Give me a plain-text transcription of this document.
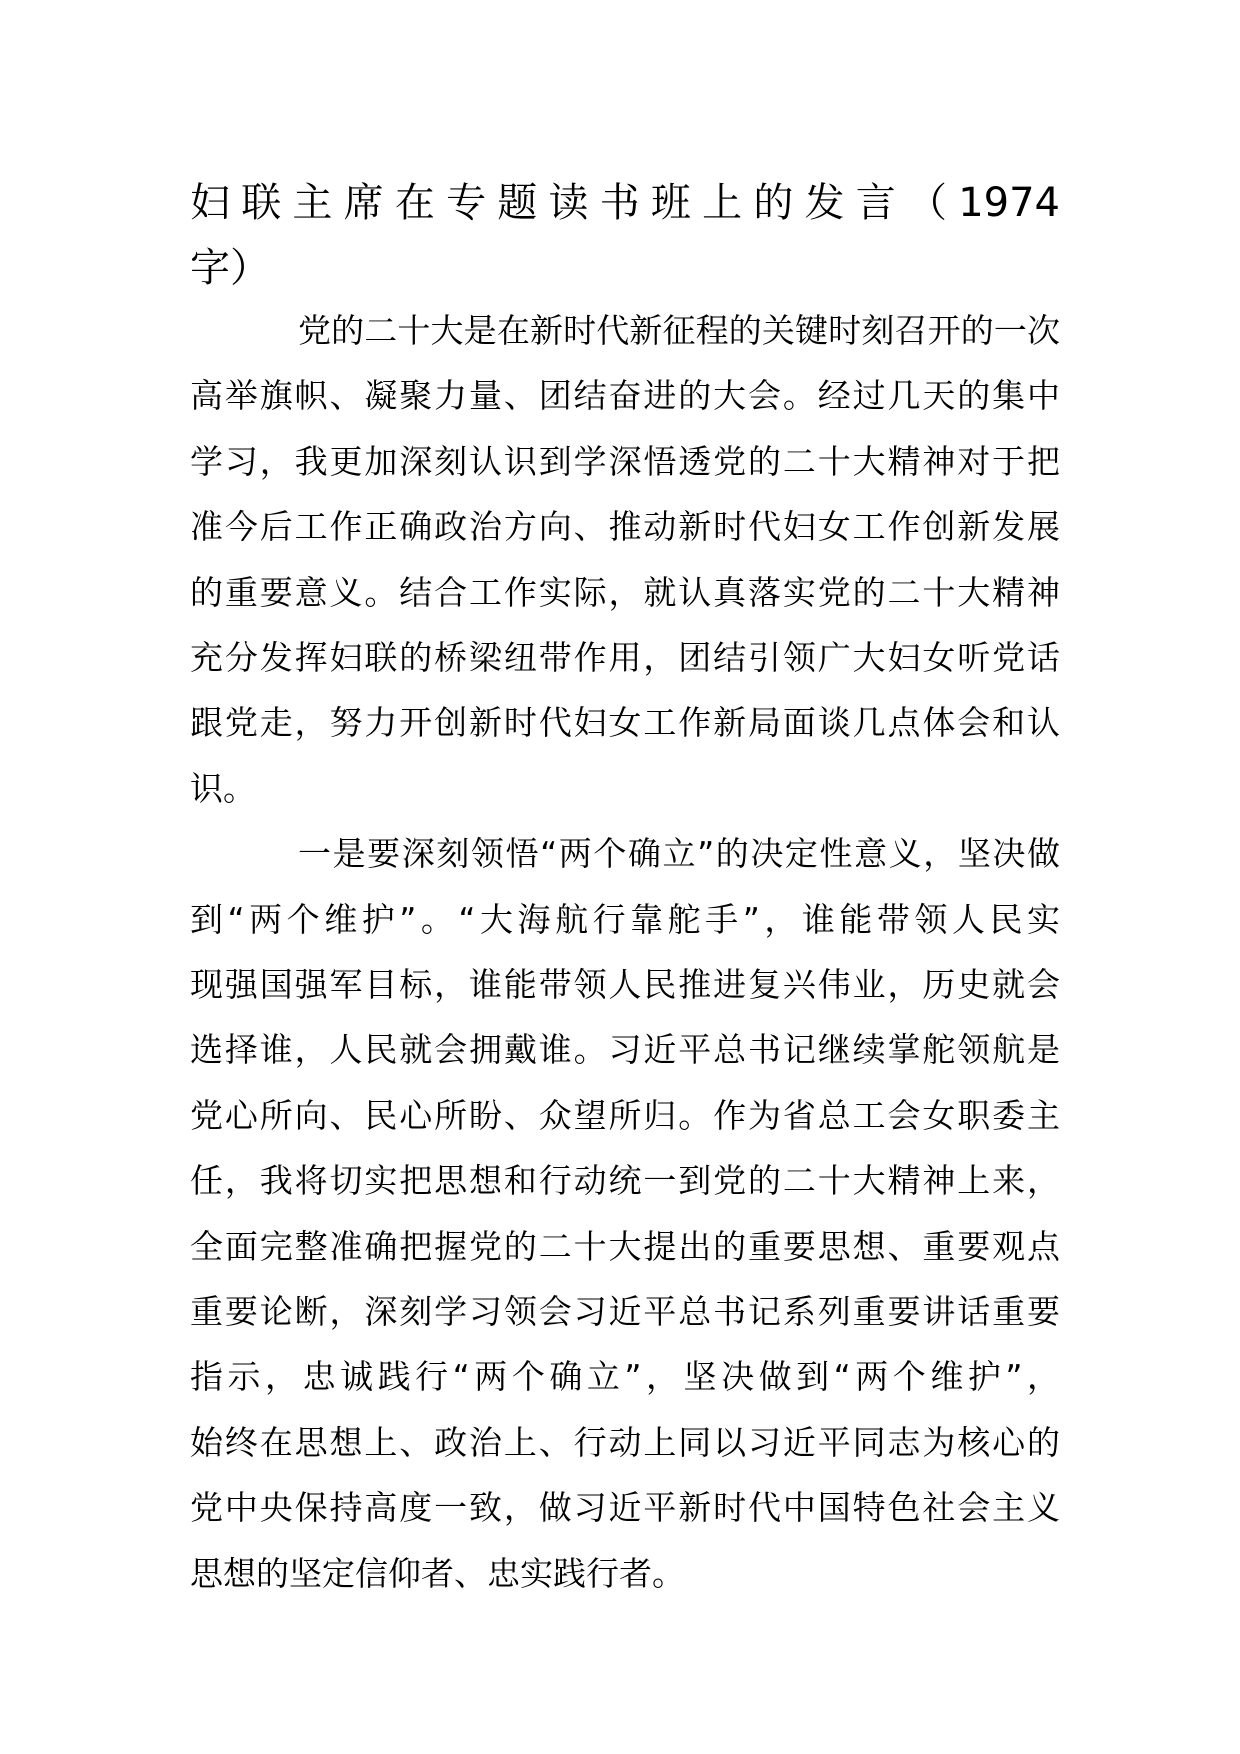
妇联主席在专题读书班上的发言（1974
字）
党的二十大是在新时代新征程的关键时刻召开的一次
高举旗帜、凝聚力量、团结奋进的大会。经过几天的集中
学习，我更加深刻认识到学深悟透党的二十大精神对于把
准今后工作正确政治方向、推动新时代妇女工作创新发展
的重要意义。结合工作实际，就认真落实党的二十大精神
充分发挥妇联的桥梁纽带作用，团结引领广大妇女听党话
跟党走，努力开创新时代妇女工作新局面谈几点体会和认
识。
一是要深刻领悟“两个确立”的决定性意义，坚决做
到“两个维护”。“大海航行靠舵手”，谁能带领人民实
现强国强军目标，谁能带领人民推进复兴伟业，历史就会
选择谁，人民就会拥戴谁。习近平总书记继续掌舵领航是
党心所向、民心所盼、众望所归。作为省总工会女职委主
任，我将切实把思想和行动统一到党的二十大精神上来，
全面完整准确把握党的二十大提出的重要思想、重要观点
重要论断，深刻学习领会习近平总书记系列重要讲话重要
指示，忠诚践行“两个确立”，坚决做到“两个维护”，
始终在思想上、政治上、行动上同以习近平同志为核心的
党中央保持高度一致，做习近平新时代中国特色社会主义
思想的坚定信仰者、忠实践行者。
